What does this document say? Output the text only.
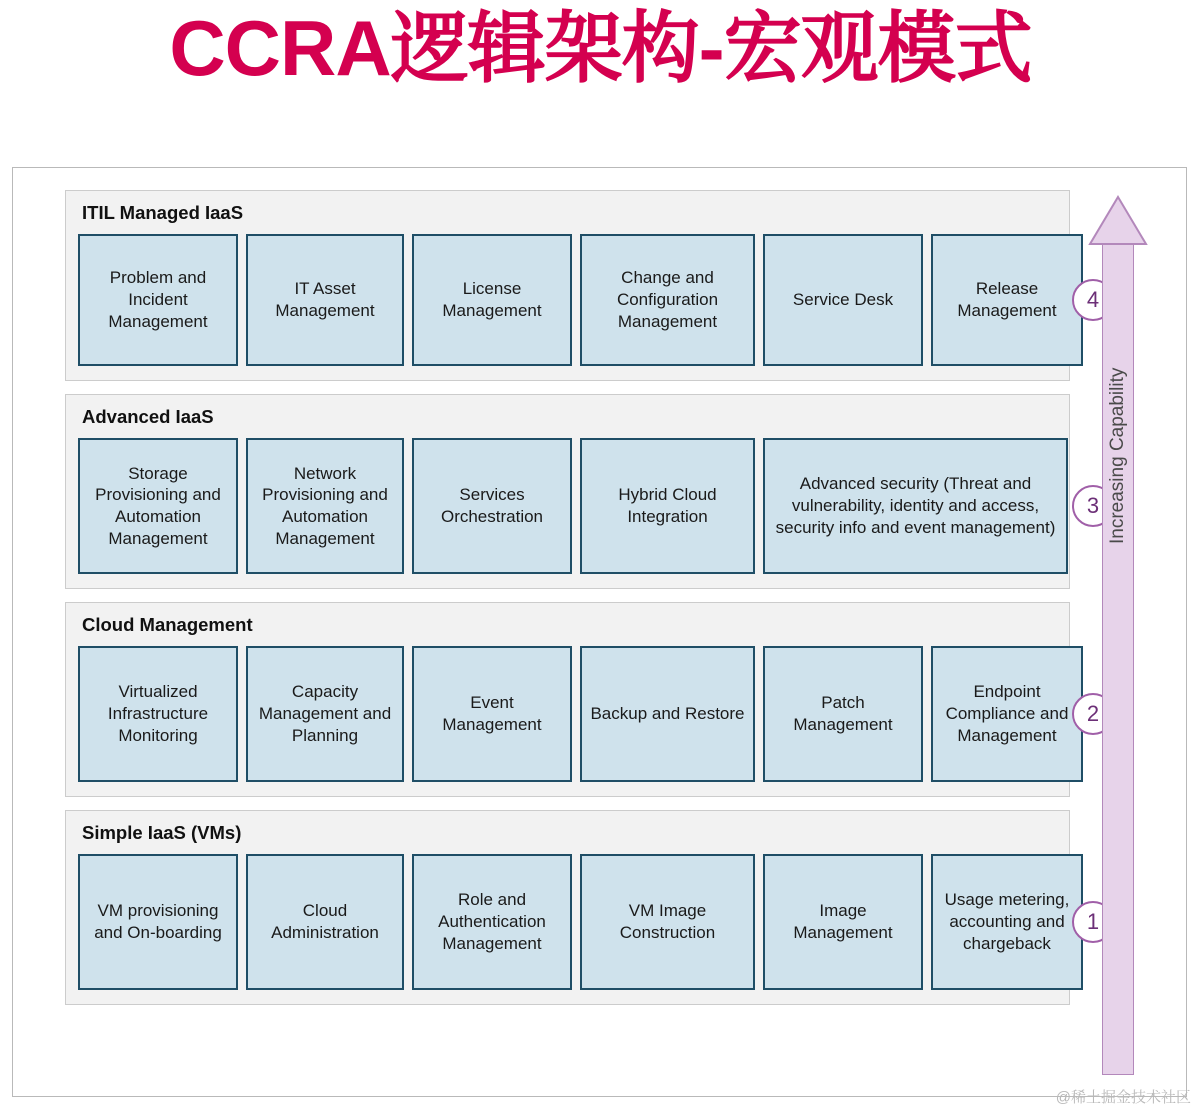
CCRA逻辑架构-宏观模式
ITIL Managed IaaS
Problem and Incident Management
IT Asset Management
License Management
Change and Configuration Management
Service Desk
Release Management	4
Advanced IaaS
Storage Provisioning and Automation Management
Network Provisioning and Automation Management
Services Orchestration
Hybrid Cloud Integration
Advanced security (Threat and vulnerability, identity and access, security info and event management)
3
Cloud Management
Virtualized Infrastructure Monitoring
Capacity Management and Planning
Event Management
Backup and Restore
Patch Management
Endpoint Compliance and Management
2
Simple IaaS (VMs)
VM provisioning and On-boarding
Cloud Administration
Role and Authentication Management
VM Image Construction
Image Management
Usage metering, accounting and chargeback
1
@稀土掘金技术社区
